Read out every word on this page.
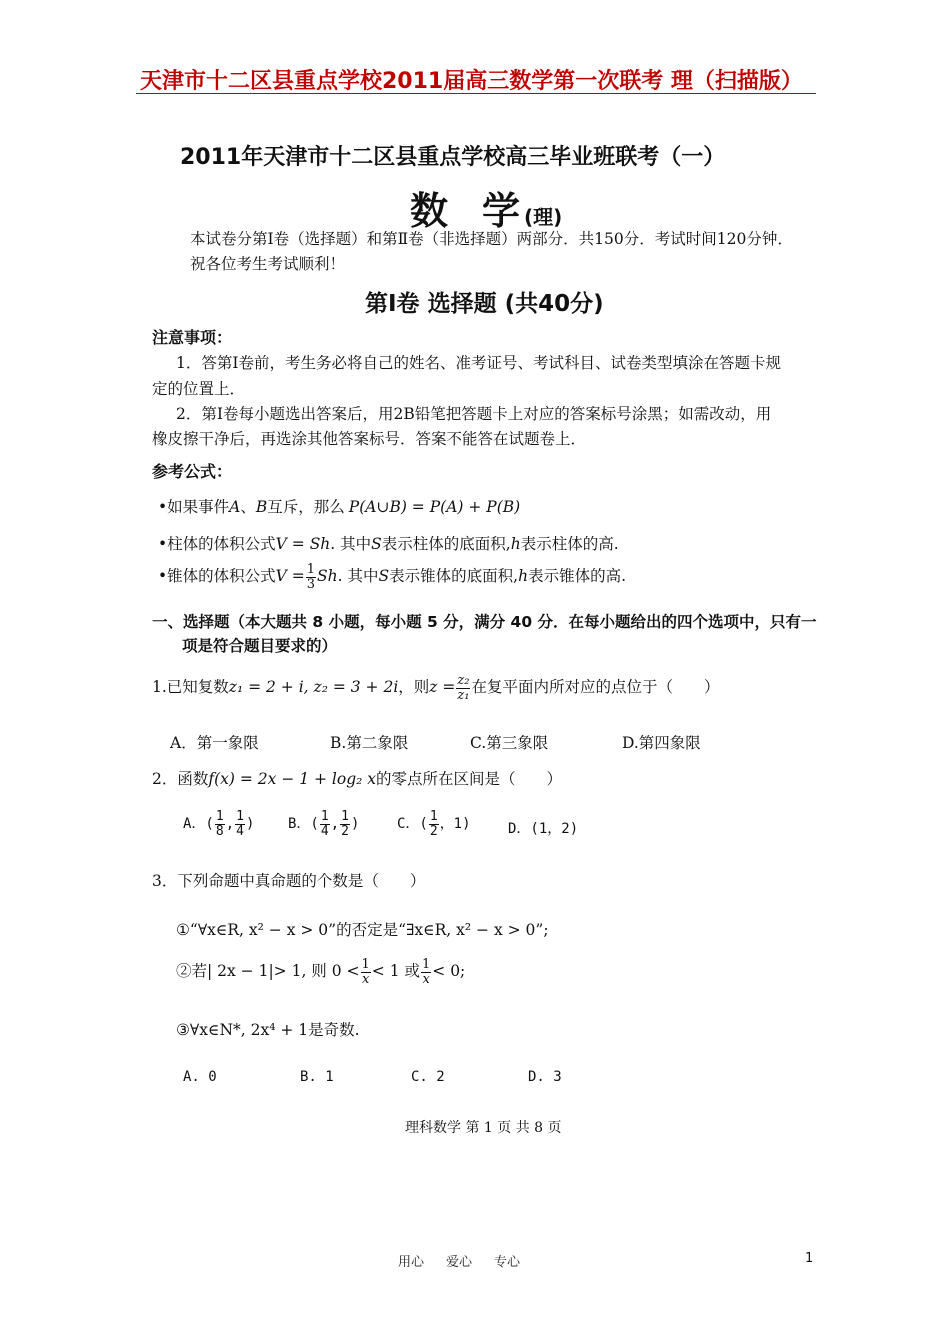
天津市十二区县重点学校2011届高三数学第一次联考 理（扫描版）
2011年天津市十二区县重点学校高三毕业班联考（一）
数 学(理)
本试卷分第Ⅰ卷（选择题）和第Ⅱ卷（非选择题）两部分．共150分．考试时间120分钟．
祝各位考生考试顺利！
第Ⅰ卷 选择题 (共40分)
注意事项：
1．答第Ⅰ卷前，考生务必将自己的姓名、准考证号、考试科目、试卷类型填涂在答题卡规
定的位置上．
2．第Ⅰ卷每小题选出答案后，用2B铅笔把答题卡上对应的答案标号涂黑；如需改动，用
橡皮擦干净后，再选涂其他答案标号．答案不能答在试题卷上．
参考公式：
•如果事件A、B互斥，那么 P(A∪B) = P(A) + P(B)
•柱体的体积公式V = Sh. 其中S表示柱体的底面积,h表示柱体的高.
•锥体的体积公式$V = \frac{1}{3} Sh$. 其中S表示锥体的底面积,h表示锥体的高.
一、选择题（本大题共 8 小题，每小题 5 分，满分 40 分．在每小题给出的四个选项中，只有一
项是符合题目要求的）
1.已知复数z₁ = 2 + i, z₂ = 3 + 2i，则$z = \frac{\text{z₂}}{\text{z₁}}$ 在复平面内所对应的点位于（　　）
A．第一象限	B.第二象限	C.第三象限	D.第四象限
2．函数f(x) = 2x − 1 + log₂ x的零点所在区间是（　　）
A．( $\frac{1}{8}$ , $\frac{1}{4}$ ) B．( $\frac{1}{4}$ , $\frac{1}{2}$ )	C．( $\frac{1}{2}$ ，1)	D．(1，2)
3．下列命题中真命题的个数是（　　）
①“∀x∈R, x² − x > 0”的否定是“∃x∈R, x² − x > 0”;
②若| 2x − 1|> 1, 则 $0 < \frac{1}{x} < 1$ 或 $\frac{1}{x} < 0$;
③∀x∈N*, 2x⁴ + 1是奇数.
A. 0	B. 1	C. 2	D. 3
理科数学 第 1 页 共 8 页
用心 爱心 专心	1
